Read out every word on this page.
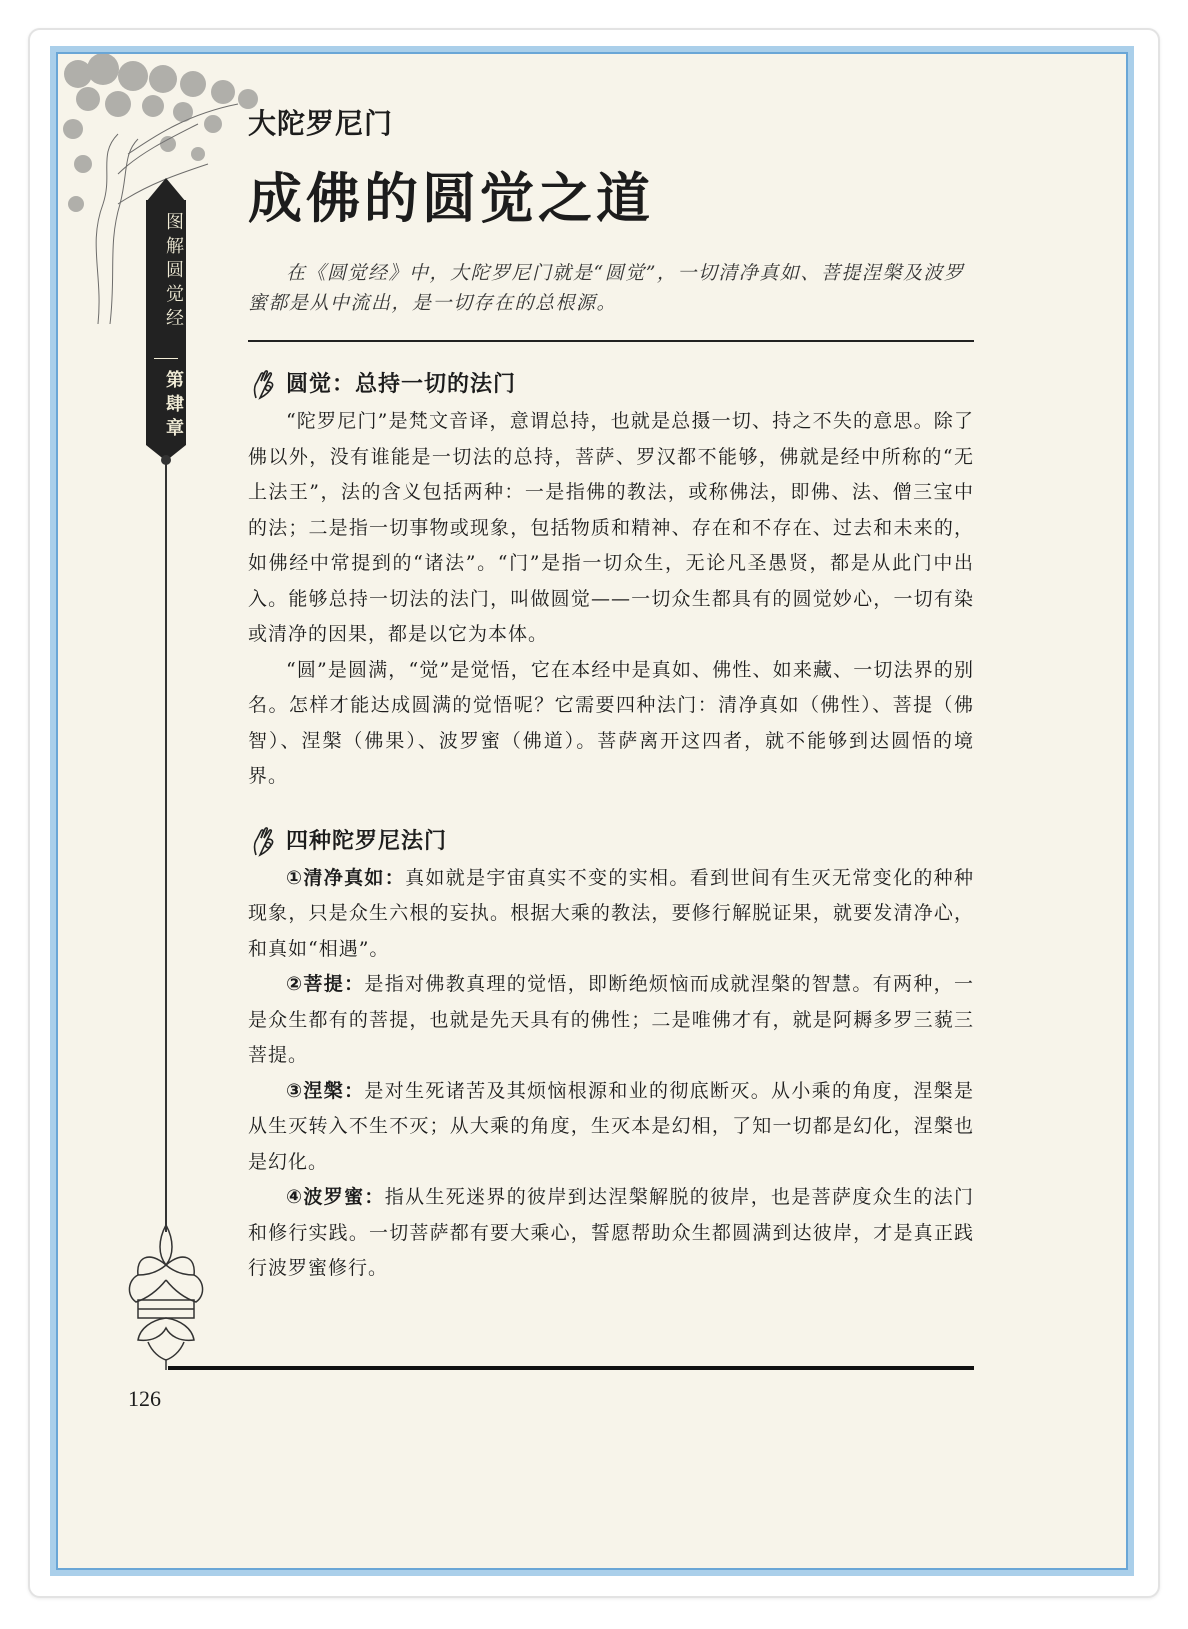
图解圆觉经
第肆章
大陀罗尼门
成佛的圆觉之道

在《圆觉经》中，大陀罗尼门就是“圆觉”，一切清净真如、菩提涅槃及波罗蜜都是从中流出，是一切存在的总根源。

圆觉：总持一切的法门

“陀罗尼门”是梵文音译，意谓总持，也就是总摄一切、持之不失的意思。除了佛以外，没有谁能是一切法的总持，菩萨、罗汉都不能够，佛就是经中所称的“无上法王”，法的含义包括两种：一是指佛的教法，或称佛法，即佛、法、僧三宝中的法；二是指一切事物或现象，包括物质和精神、存在和不存在、过去和未来的，如佛经中常提到的“诸法”。“门”是指一切众生，无论凡圣愚贤，都是从此门中出入。能够总持一切法的法门，叫做圆觉——一切众生都具有的圆觉妙心，一切有染或清净的因果，都是以它为本体。

“圆”是圆满，“觉”是觉悟，它在本经中是真如、佛性、如来藏、一切法界的别名。怎样才能达成圆满的觉悟呢？它需要四种法门：清净真如（佛性）、菩提（佛智）、涅槃（佛果）、波罗蜜（佛道）。菩萨离开这四者，就不能够到达圆悟的境界。

四种陀罗尼法门

①清净真如：真如就是宇宙真实不变的实相。看到世间有生灭无常变化的种种现象，只是众生六根的妄执。根据大乘的教法，要修行解脱证果，就要发清净心，和真如“相遇”。

②菩提：是指对佛教真理的觉悟，即断绝烦恼而成就涅槃的智慧。有两种，一是众生都有的菩提，也就是先天具有的佛性；二是唯佛才有，就是阿耨多罗三藐三菩提。

③涅槃：是对生死诸苦及其烦恼根源和业的彻底断灭。从小乘的角度，涅槃是从生灭转入不生不灭；从大乘的角度，生灭本是幻相，了知一切都是幻化，涅槃也是幻化。

④波罗蜜：指从生死迷界的彼岸到达涅槃解脱的彼岸，也是菩萨度众生的法门和修行实践。一切菩萨都有要大乘心，誓愿帮助众生都圆满到达彼岸，才是真正践行波罗蜜修行。

126
